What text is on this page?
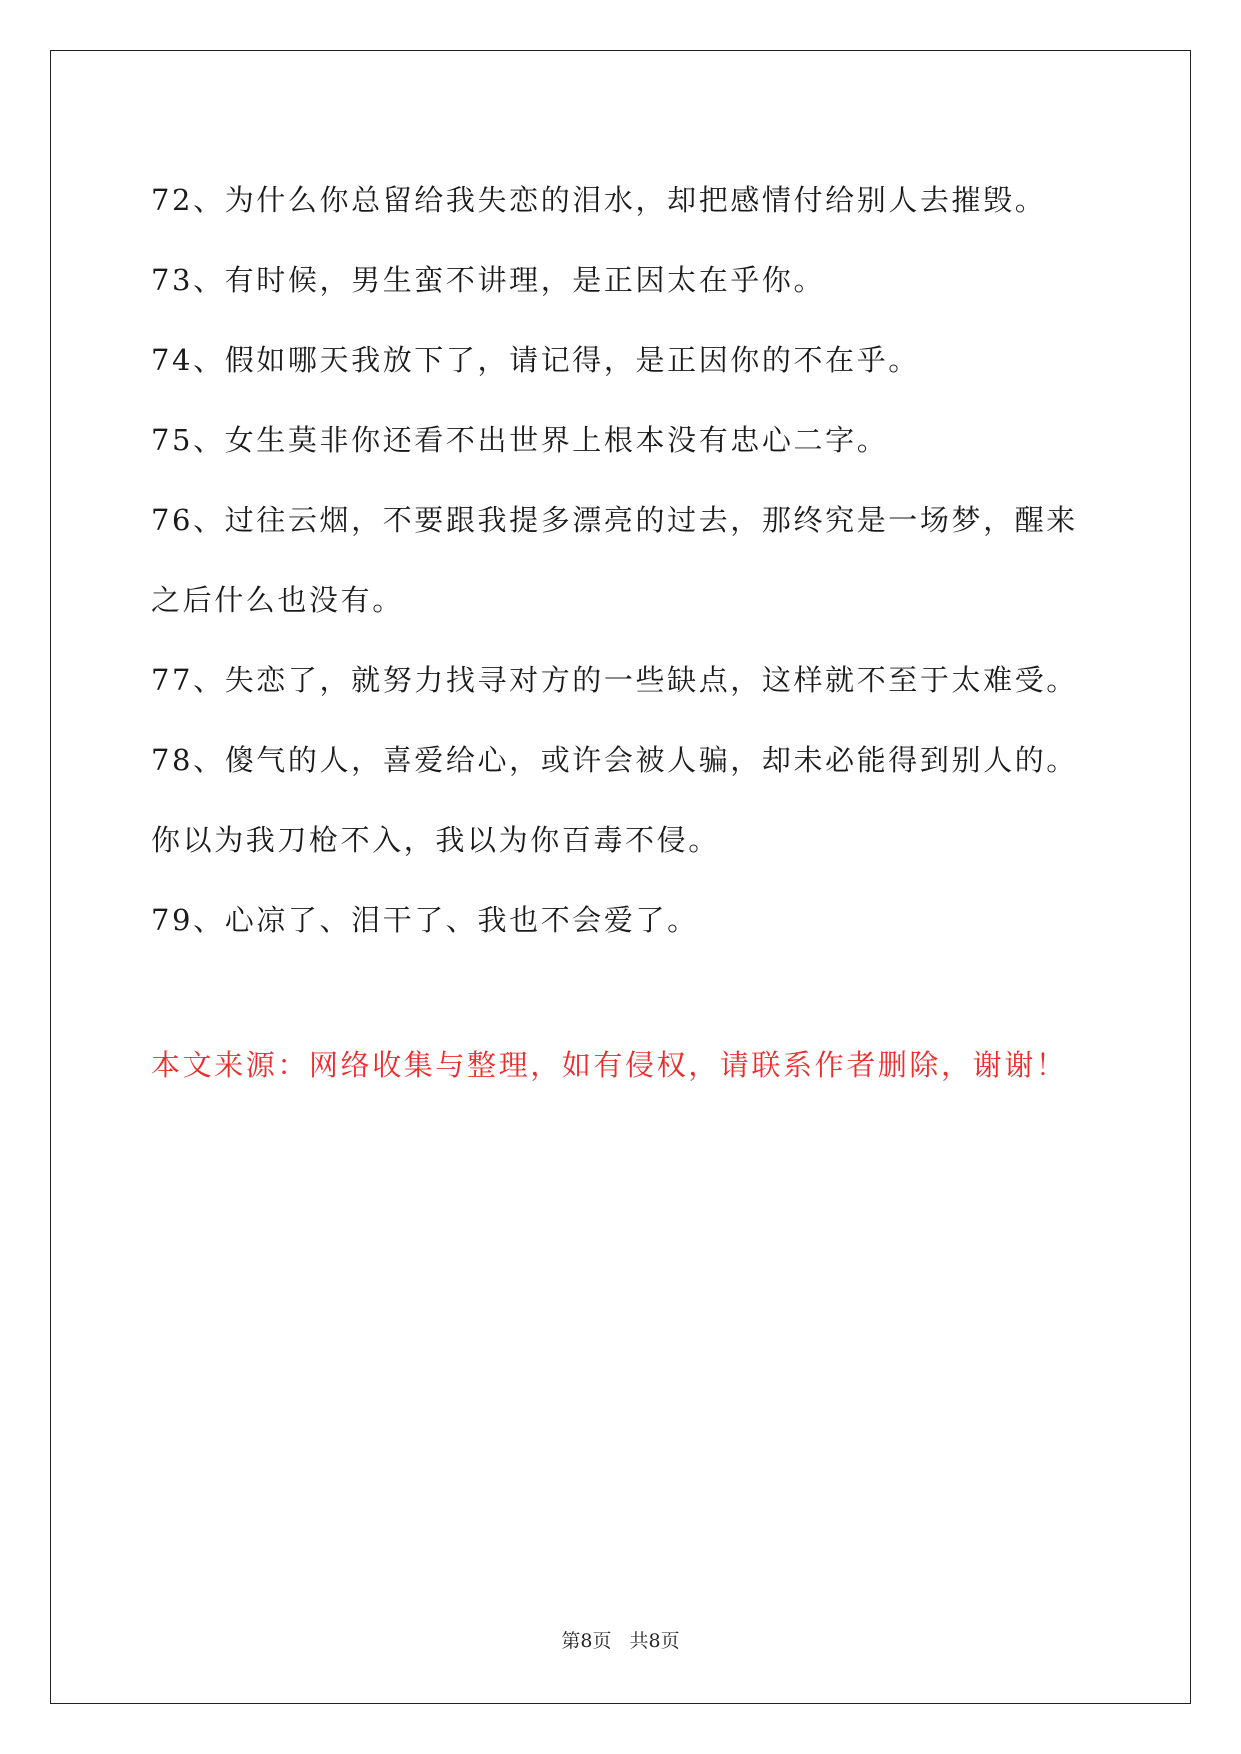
72、为什么你总留给我失恋的泪水，却把感情付给别人去摧毁。

73、有时候，男生蛮不讲理，是正因太在乎你。

74、假如哪天我放下了，请记得，是正因你的不在乎。

75、女生莫非你还看不出世界上根本没有忠心二字。

76、过往云烟，不要跟我提多漂亮的过去，那终究是一场梦，醒来之后什么也没有。

77、失恋了，就努力找寻对方的一些缺点，这样就不至于太难受。

78、傻气的人，喜爱给心，或许会被人骗，却未必能得到别人的。你以为我刀枪不入，我以为你百毒不侵。

79、心凉了、泪干了、我也不会爱了。

本文来源：网络收集与整理，如有侵权，请联系作者删除，谢谢！

第8页 共8页
